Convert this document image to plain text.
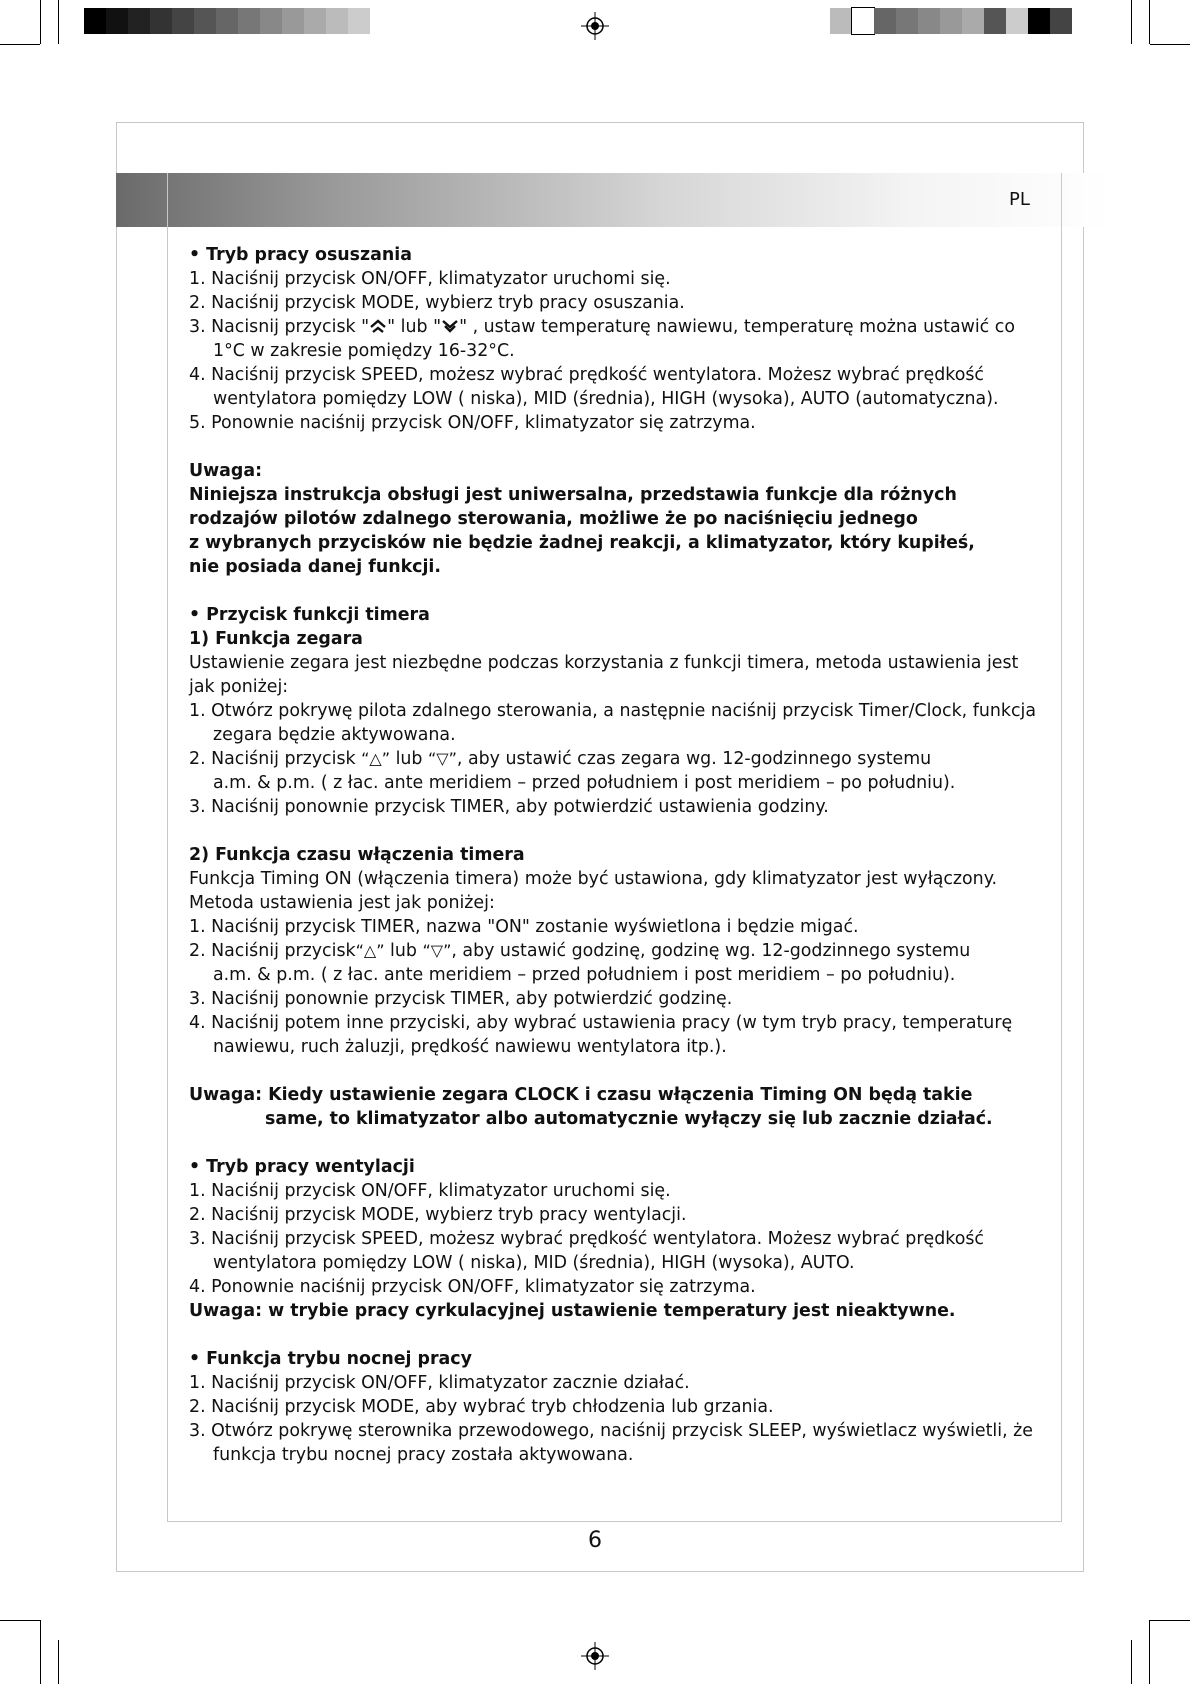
PL

• Tryb pracy osuszania

1. Naciśnij przycisk ON/OFF, klimatyzator uruchomi się.

2. Naciśnij przycisk MODE, wybierz tryb pracy osuszania.

3. Nacisnij przycisk " " lub " " , ustaw temperaturę nawiewu, temperaturę można ustawić co

1°C w zakresie pomiędzy 16-32°C.

4. Naciśnij przycisk SPEED, możesz wybrać prędkość wentylatora. Możesz wybrać prędkość

wentylatora pomiędzy LOW ( niska), MID (średnia), HIGH (wysoka), AUTO (automatyczna).

5. Ponownie naciśnij przycisk ON/OFF, klimatyzator się zatrzyma.

Uwaga:

Niniejsza instrukcja obsługi jest uniwersalna, przedstawia funkcje dla różnych

rodzajów pilotów zdalnego sterowania, możliwe że po naciśnięciu jednego

z wybranych przycisków nie będzie żadnej reakcji, a klimatyzator, który kupiłeś,

nie posiada danej funkcji.

• Przycisk funkcji timera

1) Funkcja zegara

Ustawienie zegara jest niezbędne podczas korzystania z funkcji timera, metoda ustawienia jest

jak poniżej:

1. Otwórz pokrywę pilota zdalnego sterowania, a następnie naciśnij przycisk Timer/Clock, funkcja

zegara będzie aktywowana.

2. Naciśnij przycisk “△” lub “▽”, aby ustawić czas zegara wg. 12-godzinnego systemu

a.m. & p.m. ( z łac. ante meridiem – przed południem i post meridiem – po południu).

3. Naciśnij ponownie przycisk TIMER, aby potwierdzić ustawienia godziny.

2) Funkcja czasu włączenia timera

Funkcja Timing ON (włączenia timera) może być ustawiona, gdy klimatyzator jest wyłączony.

Metoda ustawienia jest jak poniżej:

1. Naciśnij przycisk TIMER, nazwa "ON" zostanie wyświetlona i będzie migać.

2. Naciśnij przycisk“△” lub “▽”, aby ustawić godzinę, godzinę wg. 12-godzinnego systemu

a.m. & p.m. ( z łac. ante meridiem – przed południem i post meridiem – po południu).

3. Naciśnij ponownie przycisk TIMER, aby potwierdzić godzinę.

4. Naciśnij potem inne przyciski, aby wybrać ustawienia pracy (w tym tryb pracy, temperaturę

nawiewu, ruch żaluzji, prędkość nawiewu wentylatora itp.).

Uwaga: Kiedy ustawienie zegara CLOCK i czasu włączenia Timing ON będą takie

same, to klimatyzator albo automatycznie wyłączy się lub zacznie działać.

• Tryb pracy wentylacji

1. Naciśnij przycisk ON/OFF, klimatyzator uruchomi się.

2. Naciśnij przycisk MODE, wybierz tryb pracy wentylacji.

3. Naciśnij przycisk SPEED, możesz wybrać prędkość wentylatora. Możesz wybrać prędkość

wentylatora pomiędzy LOW ( niska), MID (średnia), HIGH (wysoka), AUTO.

4. Ponownie naciśnij przycisk ON/OFF, klimatyzator się zatrzyma.

Uwaga: w trybie pracy cyrkulacyjnej ustawienie temperatury jest nieaktywne.

• Funkcja trybu nocnej pracy

1. Naciśnij przycisk ON/OFF, klimatyzator zacznie działać.

2. Naciśnij przycisk MODE, aby wybrać tryb chłodzenia lub grzania.

3. Otwórz pokrywę sterownika przewodowego, naciśnij przycisk SLEEP, wyświetlacz wyświetli, że

funkcja trybu nocnej pracy została aktywowana.

6
